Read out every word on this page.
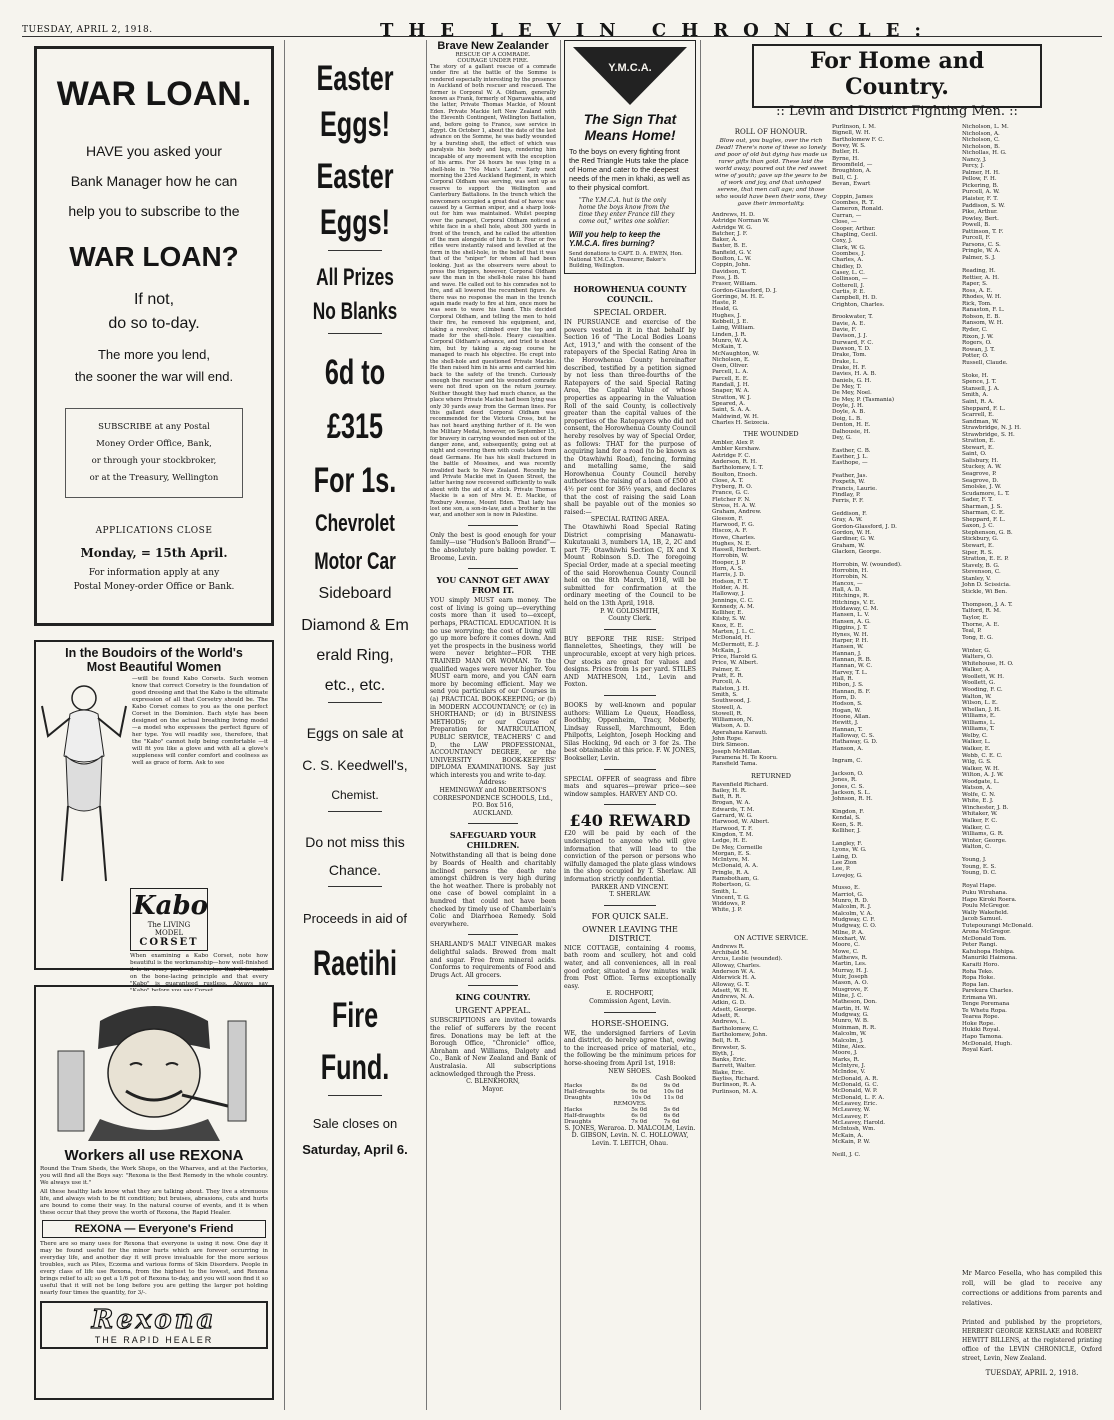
TUESDAY, APRIL 2, 1918.	THE LEVIN CHRONICLE:
WAR LOAN.
HAVE you asked your
Bank Manager how he can
help you to subscribe to the
WAR LOAN?
If not,
do so to-day.
The more you lend,
the sooner the war will end.
SUBSCRIBE at any Postal
Money Order Office, Bank,
or through your stockbroker,
or at the Treasury, Wellington
APPLICATIONS CLOSE
Monday, = 15th April.
For information apply at any
Postal Money-order Office or Bank.
In the Boudoirs of the World's
Most Beautiful Women
—will be found Kabo Corsets. Such women know that correct Corsetry is the foundation of good dressing and that the Kabo is the ultimate expression of all that Corsetry should be. The Kabo Corset comes to you as the one perfect Corset in the Dominion. Each style has been designed on the actual breathing living model—a model who expresses the perfect figure of her type. You will readily see, therefore, that the "Kabo" cannot help being comfortable —it will fit you like a glove and with all a glove's suppleness will confer comfort and coolness as well as grace of form. Ask to see
Kabo
The LIVING MODEL
CORSET
When examining a Kabo Corset, note how beautiful is the workmanship—how well-finished it is in every part—observe too that it is made on the bone-lacing principle and that every "Kabo" is guaranteed rustless. Always say
Workers all use REXONA
Round the Tram Sheds, the Work Shops, on the Wharves, and at the Factories, you will find all the Boys say: "Rexona is the Best Remedy in the whole country. We always use it."
All these healthy lads know what they are talking about. They live a strenuous life, and always wish to be fit condition; but bruises, abrasions, cuts and hurts are bound to come their way. In the natural course of events, and it is when these occur that they prove the worth of Rexona, the Rapid Healer.
REXONA — Everyone's Friend
There are so many uses for Rexona that everyone is using it now. One day it may be found useful for the minor hurts which are forever occurring in everyday life, and another day it will prove invaluable for the more serious troubles, such as Piles, Eczema and various forms of Skin Disorders. People in every class of life use Rexona, from the highest to the lowest, and Rexona brings relief to all; so get a 1/6 pot of Rexona to-day, and you will soon find it so useful that it will not be long before you are getting the larger pot holding nearly four times the quantity, for 3/-.
Rexona
THE RAPID HEALER
Easter
Eggs!
Easter
Eggs!
All Prizes
No Blanks
6d to
£315
For 1s.
Chevrolet
Motor Car
Sideboard
Diamond & Em
erald Ring,
etc., etc.
Eggs on sale at
C. S. Keedwell's,
Chemist.
Do not miss this
Chance.
Proceeds in aid of
Raetihi
Fire
Fund.
Sale closes on
Saturday, April 6.
Brave New Zealander
RESCUE OF A COMRADE.
COURAGE UNDER FIRE.
The story of a gallant rescue of a comrade under fire at the battle of the Somme is rendered especially interesting by the presence in Auckland of both rescuer and rescued. The former is Corporal W. A. Oldham, generally known as Frank, formerly of Ngaruawahia, and the latter, Private Thomas Mackie, of Mount Eden. Private Mackie left New Zealand with the Eleventh Contingent, Wellington Battalion, and, before going to France, saw service in Egypt. On October 1, about the date of the last advance on the Somme, he was badly wounded by a bursting shell, the effect of which was paralysis his body and legs, rendering him incapable of any movement with the exception of his arms. For 24 hours he was lying in a shell-hole in "No Man's Land." Early next morning the 23rd Auckland Regiment, in which Corporal Oldham was serving, was sent up as reserve to support the Wellington and Canterbury Battalions. In the trench which the newcomers occupied a great deal of havoc was caused by a German sniper, and a sharp look-out for him was maintained. Whilst peeping over the parapet, Corporal Oldham noticed a white face in a shell hole, about 300 yards in front of the trench, and he called the attention of the men alongside of him to it. Four or five rifles were instantly raised and levelled at the form in the shell-hole, in the belief that it was that of the "sniper" for whom all had been looking. Just as the observers were about to press the triggers, however, Corporal Oldham saw the man in the shell-hole raise his hand and wave. He called out to his comrades not to fire, and all lowered the recumbent figure. As there was no response the man in the trench again made ready to fire at him, once more he was seen to wave his hand. This decided Corporal Oldham, and telling the men to hold their fire, he removed his equipment, and, taking a revolver, climbed over the top and made for the shell-hole. Heavy casualties. Corporal Oldham's advance, and tried to shoot him, but by taking a zig-zag course he managed to reach his objective. He crept into the shell-hole and questioned Private Mackie. He then raised him in his arms and carried him back to the safety of the trench. Curiously enough the rescuer and his wounded comrade were not fired upon on the return journey. Neither thought they had much chance, as the place where Private Mackie had been lying was only 30 yards away from the German lines. For this gallant deed Corporal Oldham was recommended for the Victoria Cross, but he has not heard anything further of it. He won the Military Medal, however, on September 15, for bravery in carrying wounded men out of the danger zone, and, subsequently, going out at night and covering them with coats taken from dead Germans. He has his skull fractured in the battle of Messines, and was recently invalided back to New Zealand. Recently he and Private Mackie met in Queen Street, the latter having now recovered sufficiently to walk about with the aid of a stick. Private Thomas Mackie is a son of Mrs M. E. Mackie, of Roxbury Avenue, Mount Eden. That lady has lost one son, a son-in-law, and a brother in the war, and another son is now in Palestine.
Only the best is good enough for your family—use "Hudson's Balloon Brand"—the absolutely pure baking powder. T. Broome, Levin.
YOU CANNOT GET AWAY FROM IT.
YOU simply MUST earn money. The cost of living is going up—everything costs more than it used to—except, perhaps, PRACTICAL EDUCATION. It is no use worrying; the cost of living will go up more before it comes down. And yet the prospects in the business world were never brighter—FOR THE TRAINED MAN OR WOMAN. To the qualified wages were never higher. You MUST earn more, and you CAN earn more by becoming efficient. May we send you particulars of our Courses in (a) PRACTICAL BOOK-KEEPING; or (b) in MODERN ACCOUNTANCY; or (c) in SHORTHAND; or (d) in BUSINESS METHODS; or our Course of Preparation for MATRICULATION, PUBLIC SERVICE, TEACHERS' C and D, the LAW PROFESSIONAL, ACCOUNTANCY DEGREE, or the UNIVERSITY BOOK-KEEPERS' DIPLOMA EXAMINATIONS. Say just which interests you and write to-day.
Address:
HEMINGWAY and ROBERTSON'S CORRESPONDENCE SCHOOLS, Ltd.,
P.O. Box 516,
AUCKLAND.
SAFEGUARD YOUR CHILDREN.
Notwithstanding all that is being done by Boards of Health and charitably inclined persons the death rate amongst children is very high during the hot weather. There is probably not one case of bowel complaint in a hundred that could not have been checked by timely use of Chamberlain's Colic and Diarrhoea Remedy. Sold everywhere.
SHARLAND'S MALT VINEGAR makes delightful salads. Brewed from malt and sugar. Free from mineral acids. Conforms to requirements of Food and Drugs Act. All grocers.
KING COUNTRY.
URGENT APPEAL.
SUBSCRIPTIONS are invited towards the relief of sufferers by the recent fires. Donations may be left at the Borough Office, "Chronicle" office, Abraham and Williams, Dalgety and Co., Bank of New Zealand and Bank of Australasia. All subscriptions acknowledged through the Press.
C. BLENKHORN,
Mayor.
Y.M.C.A.
The Sign That
Means Home!
To the boys on every fighting front the Red Triangle Huts take the place of Home and cater to the deepest needs of the men in khaki, as well as to their physical comfort.
"The Y.M.C.A. hut is the only home the boys know from the time they enter France till they come out," writes one soldier.
Will you help to keep the Y.M.C.A. fires burning?
Send donations to CAPT. D. A. EWEN, Hon. National Y.M.C.A. Treasurer, Baker's Building, Wellington.
HOROWHENUA COUNTY COUNCIL.
SPECIAL ORDER.
IN PURSUANCE and exercise of the powers vested in it in that behalf by Section 16 of "The Local Bodies Loans Act, 1913," and with the consent of the ratepayers of the Special Rating Area in the Horowhenua County hereinafter described, testified by a petition signed by not less than three-fourths of the Ratepayers of the said Special Rating Area, the Capital Value of whose properties as appearing in the Valuation Roll of the said County, is collectively greater than the capital values of the properties of the Ratepayers who did not consent, the Horowhenua County Council hereby resolves by way of Special Order, as follows: THAT for the purpose of acquiring land for a road (to be known as the Otawhiwhi Road), fencing, forming and metalling same, the said Horowhenua County Council hereby authorises the raising of a loan of £500 at 4½ per cent for 36½ years, and declares that the cost of raising the said Loan shall be payable out of the monies so raised:—
SPECIAL RATING AREA.
The Otawhiwhi Road Special Rating District comprising Manawatu-Kukutauaki 3, numbers 1A, 1B, 2, 2C and part 7F; Otawhiwhi Section C, IX and X Mount Robinson S.D. The foregoing Special Order, made at a special meeting of the said Horowhenua County Council held on the 8th March, 1918, will be submitted for confirmation at the ordinary meeting of the Council to be held on the 13th April, 1918.
P. W. GOLDSMITH,
County Clerk.
BUY BEFORE THE RISE: Striped flannelettes, Sheetings, they will be unprocurable, except at very high prices. Our stocks are great for values and designs. Prices from 1s per yard. STILES AND MATHESON, Ltd., Levin and Foxton.
BOOKS by well-known and popular authors: William Le Queux, Headless, Boothby, Oppenheim, Tracy, Moberly, Lindsay Russell, Marchmount, Eden Philpotts, Leighton, Joseph Hocking and Silas Hocking, 9d each or 3 for 2s. The best obtainable at this price. F. W. JONES, Bookseller, Levin.
SPECIAL OFFER of seagrass and fibre mats and squares—prewar price—see window samples. HARVEY AND CO.
£40 REWARD
£20 will be paid by each of the undersigned to anyone who will give information that will lead to the conviction of the person or persons who wilfully damaged the plate glass windows in the shop occupied by T. Sherlaw. All information strictly confidential.
PARKER AND VINCENT.
T. SHERLAW.
FOR QUICK SALE.
OWNER LEAVING THE DISTRICT.
NICE COTTAGE, containing 4 rooms, bath room and scullery, hot and cold water, and all conveniences, all in real good order, situated a few minutes walk from Post Office. Terms exceptionally easy.
E. ROCHFORT,
Commission Agent, Levin.
HORSE-SHOEING.
WE, the undersigned farriers of Levin and district, do hereby agree that, owing to the increased price of material, etc., the following be the minimum prices for horse-shoeing from April 1st, 1918:
NEW SHOES.
Cash Booked
Hacks	8s 0d	9s 0d
Half-draughts	9s 0d	10s 0d
Draughts	10s 0d	11s 0d
REMOVES.		
Hacks	5s 0d	5s 6d
Half-draughts	6s 0d	6s 6d
Draughts	7s 0d	7s 6d
S. JONES, Weraroa. D. MALCOLM, Levin. D. GIBSON, Levin. N. C. HOLLOWAY, Levin. T. LEITCH, Ohau.
For Home and Country.
:: Levin and District Fighting Men. ::
ROLL OF HONOUR.
Blow out, you bugles, over the rich Dead! There's none of these so lonely and poor of old but dying has made us rarer gifts than gold. These laid the world away; poured out the red sweet wine of youth; gave up the years to be of work and joy, and that unhoped serene, that men call age; and those who would have been their sons, they gave their immortality.
Andrews, H. D.
Astridge Norman W.
Astridge W. G.
Batcher, J. F.
Baker, A.
Baxter, B. E.
Banfield, G. V.
Boulton, L. W.
Coppin, John.
Davidson, T.
Foss, J. B.
Fraser, William.
Gordon-Glassford, D. J.
Gorringe, M. H. E.
Haste, P.
Heald, G.
Hughes, J.
Kebbell, J. E.
Laing, William.
Linden, J. R.
Munro, W. A.
McKain, T.
McNaughton, W.
Nicholson, E.
Osen, Oliver.
Parcell, L. A.
Parcell, E. E.
Randall, J. H.
Snaper, W. A.
Stratton, W. J.
Speared, A.
Saint, S. A. A.
Maldwind, W. H.
Charles H. Seizecia.
THE WOUNDED
Ambler, Alex P.
Ambler Kershaw.
Astridge F. C.
Anderson, R. H.
Bartholomew, I. T.
Boulton, Enoch.
Close, A. T.
Fryberg, R. O.
France, G. C.
Fletcher F. N.
Stress, H. A. W.
Graham, Andrew.
Gleeson, F.
Harwood, F. G.
Hiscox, A. F.
Howe, Charles.
Hughes, N. E.
Hassell, Herbert.
Horrobin, W.
Hooper, J. P.
Horn, A. S.
Harris, J. D.
Hodson, F. T.
Holder, A. H.
Halloway, J.
Jennings, C. C.
Kennedy, A. M.
Kelliher, E.
Kilsby, S. W.
Knox, E. E.
Marten, J. L. C.
McDonald, H.
McDermott, E. J.
McKain, J.
Price, Harold G.
Price, W. Albert.
Palmer, E.
Pratt, E. R.
Purcell, A.
Ralston, J. H.
Smith, S.
Southwood, J.
Stowell, A.
Stowell, R.
Williamson, N.
Watson, A. D.
Aperahana Karauti.
John Rope.
Dirk Simeon.
Joseph McMillan.
Paramena H. Te Kooru.
Ransfield Tama.
RETURNED
Ravenfield Richard.
Bailey, H. R.
Batt, R. R.
Brogan, W. A.
Edwards, T. M.
Garrard, W. G.
Harwood, W. Albert.
Harwood, T. F.
Kingdon, T. M.
Ledge, H. E.
De Mey, Corneille
Morgan, E. S.
McIntyre, M.
McDonald, A. A.
Pringle, R. A.
Ramsbotham, G.
Robertson, G.
Smith, L.
Vincent, T. G.
Widdows, P.
White, J. P.
ON ACTIVE SERVICE.
Andrews R.
Archibald M.
Arcus, Leslie (wounded).
Alloway, Charles.
Anderson W. A.
Alderwick H. A.
Alloway, G. T.
Adsett, W. H.
Andrews, N. A.
Adkin, G. D.
Adsett, George.
Adsett, R.
Andrews, L.
Bartholomew, C.
Bartholomew, John.
Bell, R. R.
Brewster, S.
Blyth, J.
Banks, Eric.
Barrett, Walter.
Blake, Eric.
Bayliss, Richard.
Burlinson, R. A.
Purlinson, M. A.
Purlinson, I. M.
Bignell, W. H.
Bartholomew F. C.
Bovey, W. S.
Butler, H.
Byrne, H.
Broomfield, —
Broughton, A.
Bull, C. J.
Bevan, Ewart

Coppin, James
Coombes, R. T.
Cameron, Ronald.
Curran, —
Close, —
Cooper, Arthur.
Chapling, Cecil.
Coxy, J.
Clark, W. G.
Coombes, J.
Charles, A.
Chidley, D.
Casey, L. C.
Collinson, —
Cotterell, J.
Curtis, P. E.
Campbell, H. D.
Crighton, Charles.

Brookwater, T.
Davie, A. E.
Davie, F.
Davison, J. J.
Durward, F. C.
Dawson, T. D.
Drake, Tom.
Drake, L.
Drake, H. F.
Davies, H. A. B.
Daniels, G. H.
De Mey, T.
De Mey, Noel.
De Mey, P. (Tasmania)
Doyle, J. H.
Doyle, A. B.
Doig, L. B.
Denton, H. E.
Dalhousie, H.
Dey, G.

Easther, C. B.
Easther, J. L.
Easthope, —

Feather, Jas.
Foxpeth, W.
Francis, Laurie.
Findlay, P.
Ferris, F. F.

Geddison, F.
Gray, A. W.
Gordon-Glassford, J. D.
Gordon, W. H.
Gardiner, G. W.
Graham, W.
Glacken, George.

Horrobin, W. (wounded).
Horrobin, H.
Horrobin, N.
Hancox, —
Hall, A. D.
Hitchings, R.
Hitchings, V. E.
Holdaway, C. M.
Hansen, L. V.
Hansen, A. G.
Higgins, J. T.
Hynes, W. H.
Harper, P. H.
Hansen, W.
Hannan, J.
Hannan, R. B.
Hannan, W. C.
Harvey, T. L.
Hall, R.
Hibon, J. S.
Hannan, B. F.
Horn, D.
Hodson, S.
Hogan, W.
Hoone, Allan.
Hewitt, J.
Hannan, T.
Halloway, C. S.
Hathaway, G. D.
Hanson, A.

Ingram, C.

Jackson, O.
Jones, R.
Jones, C. S.
Jackson, S. L.
Johnson, R. H.

Kingdon, F.
Kendal, S.
Keen, S. R.
Kelliher, J.

Langley, F.
Lyons, W. G.
Laing, D.
Lee Zion
Lee, P.
Lovejoy, G.

Musso, E.
Marriot, G.
Munro, R. D.
Malcolm, R. J.
Malcolm, V. A.
Mudgway, C. F.
Mudgway, C. O.
Milne, P. A.
Mexhart, W.
Moore, C.
Mowe, C.
Mathews, R.
Martin, Les.
Murray, H. J.
Muir, Joseph
Mason, A. O.
Musgrove, F.
Milne, J. C.
Matheson, Don.
Martin, H. W.
Mudgway, G.
Munro, W. B.
Moinman, R. R.
Malcolm, W.
Malcolm, J.
Milne, Alex.
Moore, J.
Marks, R.
McIntyre, J.
McIndoe, V.
McDonald, A. R.
McDonald, G. C.
McDonald, W. P.
McDonald, L. F. A.
McLeavey, Eric.
McLeavey, W.
McLeavey, F.
McLeavey, Harold.
McIntosh, Wm.
McKain, A.
McKain, P. W.

Neill, J. C.
Nicholson, L. M.
Nicholson, A.
Nicholson, C.
Nicholson, B.
Nichollas, H. G.
Nancy, J.
Percy, J.
Palmer, H. H.
Pellow, F. H.
Pickering, B.
Purcell, A. W.
Plaister, F. T.
Paddison, S. W.
Pike, Arthur.
Powley, Bert.
Powell, B.
Pattinson, T. F.
Purcell, F.
Parsons, C. S.
Pringle, W. A.
Palmer, S. J.

Reading, H.
Rettier, A. H.
Raper, S.
Ross, A. E.
Rhodes, W. H.
Rick, Tom.
Ranaston, F. L.
Robson, E. B.
Ransom, W. H.
Ryder, C.
Rixon, J. W.
Rogers, O.
Rowan, J. T.
Potter, O.
Russell, Claude.

Stoke, H.
Spence, J. T.
Stansell, J. A.
Smith, A.
Saint, R. A.
Sheppard, F. L.
Scarrell, E.
Sandman, W.
Strawbridge, N. J. H.
Strawbridge, S. H.
Stratton, E.
Stewart, E.
Saint, O.
Salisbury, H.
Stuckey, A. W.
Seagrove, P.
Seagrove, D.
Smolske, J. W.
Scudamore, L. T.
Sader, F. T.
Sharman, J. S.
Sharman, C. E.
Sheppard, F. L.
Saxon, J. C.
Stephenson, G. B.
Stickbury, G.
Stewart, E.
Siper, R. S.
Stratton, E. E. P.
Stavely, B. G.
Stevenson, C.
Stanley, V.
John D. Scissicia.
Stickle, Wi Ben.

Thompson, J. A. T.
Talford, R. M.
Taylor, E.
Thorne, A. E.
Teal, P.
Tong, E. G.

Winter, G.
Walters, O.
Whitehouse, H. O.
Walker, A.
Woollett, W. H.
Woollett, G.
Wooding, F. C.
Walton, W.
Wilson, L. E.
Whellan, J. H.
Williams, E.
Williams, L.
Williams, T.
Welby, C.
Walker, L.
Walker, E.
Webb, C. E. C.
Wilg, G. S.
Walker, W. H.
Wilton, A. J. W.
Woodgate, L.
Watson, A.
Wolfe, C. N.
White, E. J.
Winchester, J. B.
Whitaker, W.
Walker, F. C.
Walker, C.
Williams, G. R.
Winter, George.
Walton, C.

Young, J.
Young, E. S.
Young, D. C.

Royal Hape.
Puku Wiruhana.
Hapo Kiroki Roera.
Poulu McGregor.
Wally Wakefield.
Jacob Samuel.
Tutepourangi McDonald.
Arona McGregor.
McDonald Tom.
Peter Rangi.
Kahuhopa Hohipa.
Manuriki Haimona.
Karaiti Horo.
Roha Teko.
Ropa Hoke.
Ropa Ian.
Parekura Charles.
Erimana Wi.
Tenge Poremana
Te Whetu Ropa.
Tearea Rope.
Hoke Rope.
Hukiki Royal.
Hapo Tamona.
McDonald, Hugh.
Royal Karl.
Mr Marco Fesella, who has compiled this roll, will be glad to receive any corrections or additions from parents and relatives.
Printed and published by the proprietors, HERBERT GEORGE KERSLAKE and ROBERT HEWITT BILLENS, at the registered printing office of the LEVIN CHRONICLE, Oxford street, Levin, New Zealand.
TUESDAY, APRIL 2, 1918.
